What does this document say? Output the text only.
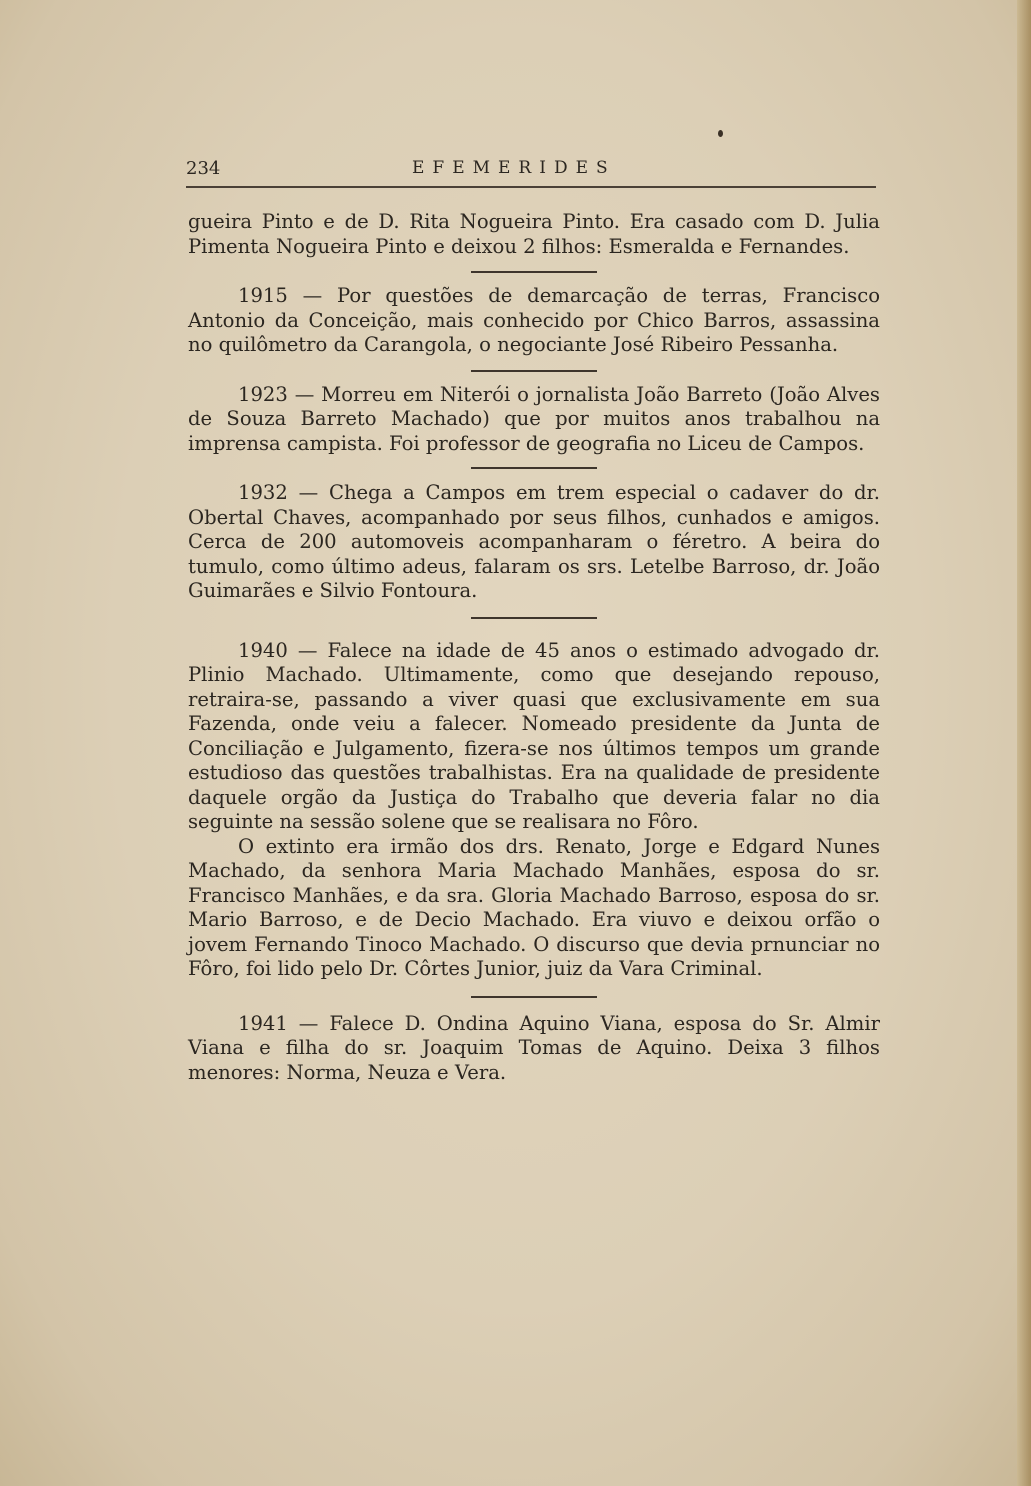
234	EFEMERIDES

gueira Pinto e de D. Rita Nogueira Pinto. Era casado com D. Julia Pimenta Nogueira Pinto e deixou 2 filhos: Esmeralda e Fernandes.

1915 — Por questões de demarcação de terras, Francisco Antonio da Conceição, mais conhecido por Chico Barros, assassina no quilômetro da Carangola, o negociante José Ribeiro Pessanha.

1923 — Morreu em Niterói o jornalista João Barreto (João Alves de Souza Barreto Machado) que por muitos anos trabalhou na imprensa campista. Foi professor de geografia no Liceu de Campos.

1932 — Chega a Campos em trem especial o cadaver do dr. Obertal Chaves, acompanhado por seus filhos, cunhados e amigos. Cerca de 200 automoveis acompanharam o féretro. A beira do tumulo, como último adeus, falaram os srs. Letelbe Barroso, dr. João Guimarães e Silvio Fontoura.

1940 — Falece na idade de 45 anos o estimado advogado dr. Plinio Machado. Ultimamente, como que desejando repouso, retraira-se, passando a viver quasi que exclusivamente em sua Fazenda, onde veiu a falecer. Nomeado presidente da Junta de Conciliação e Julgamento, fizera-se nos últimos tempos um grande estudioso das questões trabalhistas. Era na qualidade de presidente daquele orgão da Justiça do Trabalho que deveria falar no dia seguinte na sessão solene que se realisara no Fôro.

O extinto era irmão dos drs. Renato, Jorge e Edgard Nunes Machado, da senhora Maria Machado Manhães, esposa do sr. Francisco Manhães, e da sra. Gloria Machado Barroso, esposa do sr. Mario Barroso, e de Decio Machado. Era viuvo e deixou orfão o jovem Fernando Tinoco Machado. O discurso que devia prnunciar no Fôro, foi lido pelo Dr. Côrtes Junior, juiz da Vara Criminal.

1941 — Falece D. Ondina Aquino Viana, esposa do Sr. Almir Viana e filha do sr. Joaquim Tomas de Aquino. Deixa 3 filhos menores: Norma, Neuza e Vera.
